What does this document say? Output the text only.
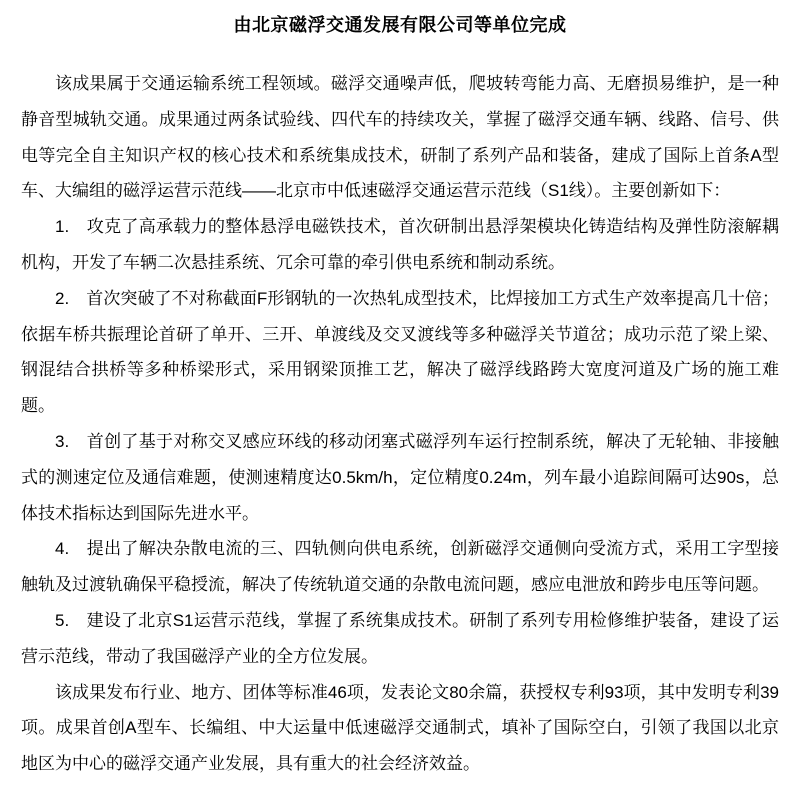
由北京磁浮交通发展有限公司等单位完成

该成果属于交通运输系统工程领域。磁浮交通噪声低，爬坡转弯能力高、无磨损易维护，是一种静音型城轨交通。成果通过两条试验线、四代车的持续攻关，掌握了磁浮交通车辆、线路、信号、供电等完全自主知识产权的核心技术和系统集成技术，研制了系列产品和装备，建成了国际上首条A型车、大编组的磁浮运营示范线——北京市中低速磁浮交通运营示范线（S1线）。主要创新如下：

1.　攻克了高承载力的整体悬浮电磁铁技术，首次研制出悬浮架模块化铸造结构及弹性防滚解耦机构，开发了车辆二次悬挂系统、冗余可靠的牵引供电系统和制动系统。

2.　首次突破了不对称截面F形钢轨的一次热轧成型技术，比焊接加工方式生产效率提高几十倍；依据车桥共振理论首研了单开、三开、单渡线及交叉渡线等多种磁浮关节道岔；成功示范了梁上梁、钢混结合拱桥等多种桥梁形式，采用钢梁顶推工艺，解决了磁浮线路跨大宽度河道及广场的施工难题。

3.　首创了基于对称交叉感应环线的移动闭塞式磁浮列车运行控制系统，解决了无轮轴、非接触式的测速定位及通信难题，使测速精度达0.5km/h，定位精度0.24m，列车最小追踪间隔可达90s，总体技术指标达到国际先进水平。

4.　提出了解决杂散电流的三、四轨侧向供电系统，创新磁浮交通侧向受流方式，采用工字型接触轨及过渡轨确保平稳授流，解决了传统轨道交通的杂散电流问题，感应电泄放和跨步电压等问题。

5.　建设了北京S1运营示范线，掌握了系统集成技术。研制了系列专用检修维护装备，建设了运营示范线，带动了我国磁浮产业的全方位发展。

该成果发布行业、地方、团体等标准46项，发表论文80余篇，获授权专利93项，其中发明专利39项。成果首创A型车、长编组、中大运量中低速磁浮交通制式，填补了国际空白，引领了我国以北京地区为中心的磁浮交通产业发展，具有重大的社会经济效益。
